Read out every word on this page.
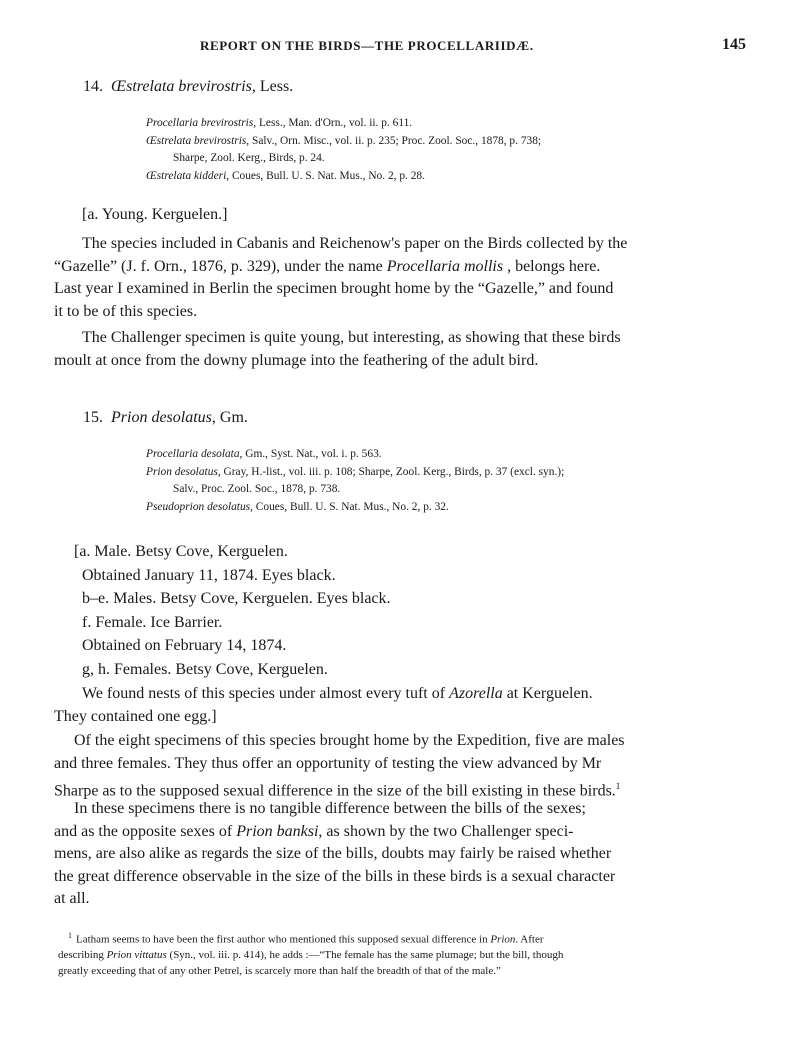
REPORT ON THE BIRDS—THE PROCELLARIIDÆ.	145
14. Œstrelata brevirostris, Less.
Procellaria brevirostris, Less., Man. d'Orn., vol. ii. p. 611.
Œstrelata brevirostris, Salv., Orn. Misc., vol. ii. p. 235; Proc. Zool. Soc., 1878, p. 738;
Sharpe, Zool. Kerg., Birds, p. 24.
Œstrelata kidderi, Coues, Bull. U. S. Nat. Mus., No. 2, p. 28.
[a. Young. Kerguelen.]
The species included in Cabanis and Reichenow's paper on the Birds collected by the
“Gazelle” (J. f. Orn., 1876, p. 329), under the name Procellaria mollis , belongs here.
Last year I examined in Berlin the specimen brought home by the “Gazelle,” and found
it to be of this species.
The Challenger specimen is quite young, but interesting, as showing that these birds
moult at once from the downy plumage into the feathering of the adult bird.
15. Prion desolatus, Gm.
Procellaria desolata, Gm., Syst. Nat., vol. i. p. 563.
Prion desolatus, Gray, H.-list., vol. iii. p. 108; Sharpe, Zool. Kerg., Birds, p. 37 (excl. syn.);
Salv., Proc. Zool. Soc., 1878, p. 738.
Pseudoprion desolatus, Coues, Bull. U. S. Nat. Mus., No. 2, p. 32.
[a. Male. Betsy Cove, Kerguelen.
Obtained January 11, 1874. Eyes black.
b–e. Males. Betsy Cove, Kerguelen. Eyes black.
f. Female. Ice Barrier.
Obtained on February 14, 1874.
g, h. Females. Betsy Cove, Kerguelen.
We found nests of this species under almost every tuft of Azorella at Kerguelen.
They contained one egg.]
Of the eight specimens of this species brought home by the Expedition, five are males
and three females. They thus offer an opportunity of testing the view advanced by Mr
Sharpe as to the supposed sexual difference in the size of the bill existing in these birds.$^1$
In these specimens there is no tangible difference between the bills of the sexes;
and as the opposite sexes of Prion banksi, as shown by the two Challenger speci-
mens, are also alike as regards the size of the bills, doubts may fairly be raised whether
the great difference observable in the size of the bills in these birds is a sexual character
at all.
$^1$ Latham seems to have been the first author who mentioned this supposed sexual difference in Prion. After
describing Prion vittatus (Syn., vol. iii. p. 414), he adds :—“The female has the same plumage; but the bill, though
greatly exceeding that of any other Petrel, is scarcely more than half the breadth of that of the male.”
